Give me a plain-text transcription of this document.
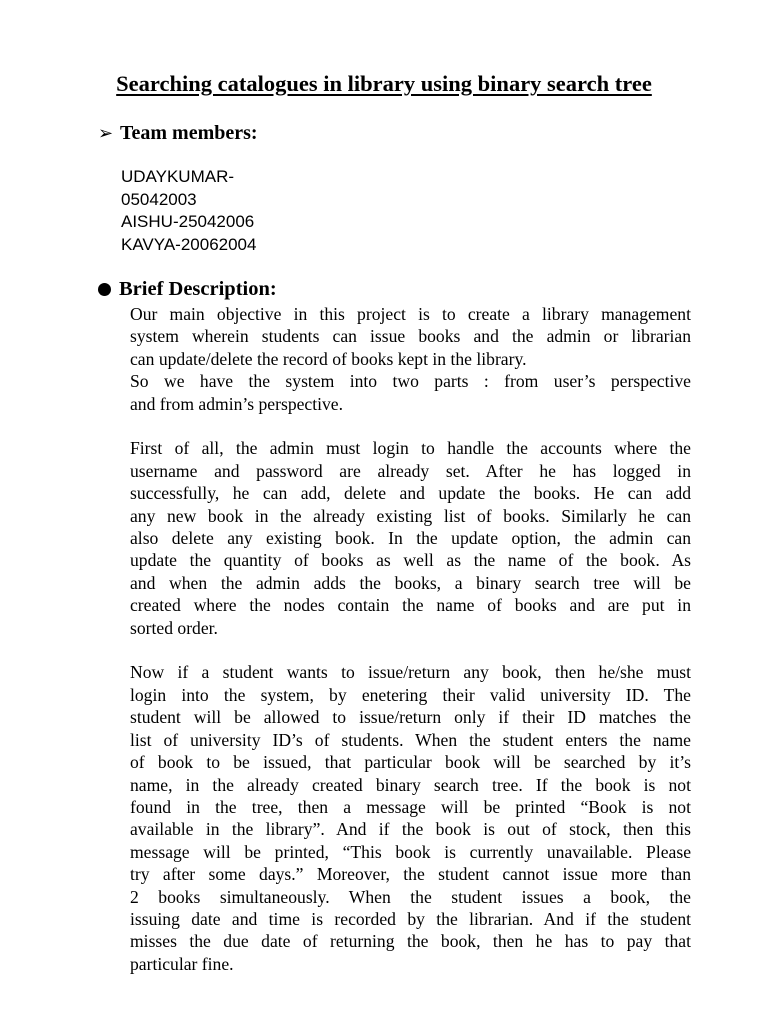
Searching catalogues in library using binary search tree
➢ Team members:
UDAYKUMAR-
05042003
AISHU-25042006
KAVYA-20062004
Brief Description:

Our main objective in this project is to create a library management
system wherein students can issue books and the admin or librarian
can update/delete the record of books kept in the library.

So we have the system into two parts : from user’s perspective
and from admin’s perspective.

First of all, the admin must login to handle the accounts where the
username and password are already set. After he has logged in
successfully, he can add, delete and update the books. He can add
any new book in the already existing list of books. Similarly he can
also delete any existing book. In the update option, the admin can
update the quantity of books as well as the name of the book. As
and when the admin adds the books, a binary search tree will be
created where the nodes contain the name of books and are put in
sorted order.

Now if a student wants to issue/return any book, then he/she must
login into the system, by enetering their valid university ID. The
student will be allowed to issue/return only if their ID matches the
list of university ID’s of students. When the student enters the name
of book to be issued, that particular book will be searched by it’s
name, in the already created binary search tree. If the book is not
found in the tree, then a message will be printed “Book is not
available in the library”. And if the book is out of stock, then this
message will be printed, “This book is currently unavailable. Please
try after some days.” Moreover, the student cannot issue more than
2 books simultaneously. When the student issues a book, the
issuing date and time is recorded by the librarian. And if the student
misses the due date of returning the book, then he has to pay that
particular fine.
